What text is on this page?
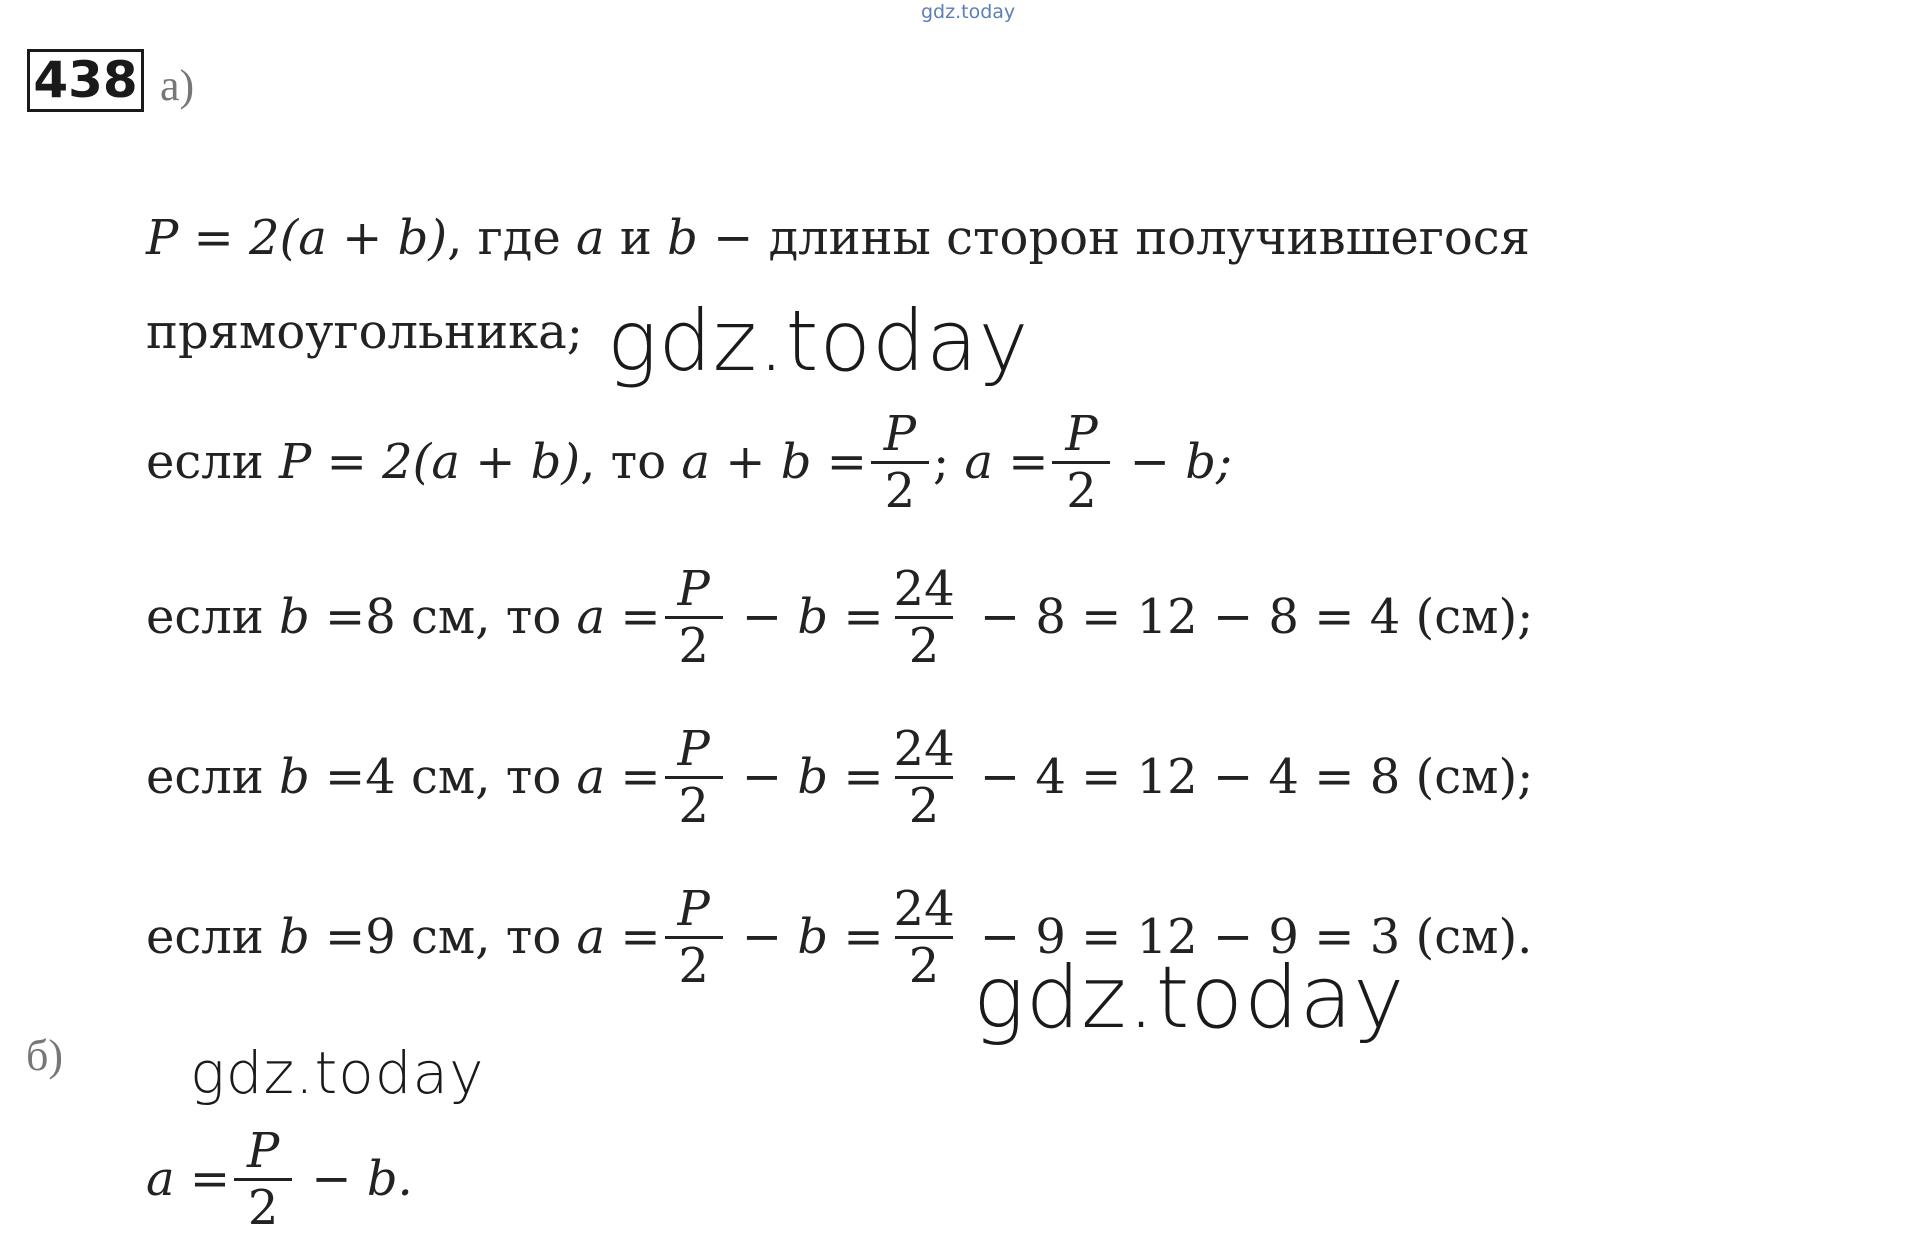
gdz.today
438 а)
P = 2(a + b) , где a и b − длины сторон получившегося
прямоугольника;
если P = 2(a + b) , то $a + b = \frac{P}{2}$ ; $a = \frac{P}{2} - b$;
если b = 8 см , то $a = \frac{P}{2} - b = \frac{24}{2} - 8 = 12 - 8 = 4$ (см);
если b = 4 см , то $a = \frac{P}{2} - b = \frac{24}{2} - 4 = 12 - 4 = 8$ (см);
если b = 9 см , то $a = \frac{P}{2} - b = \frac{24}{2} - 9 = 12 - 9 = 3$ (см).
б)
$a = \frac{P}{2} - b$.
gdz.today
gdz.today
gdz.today
